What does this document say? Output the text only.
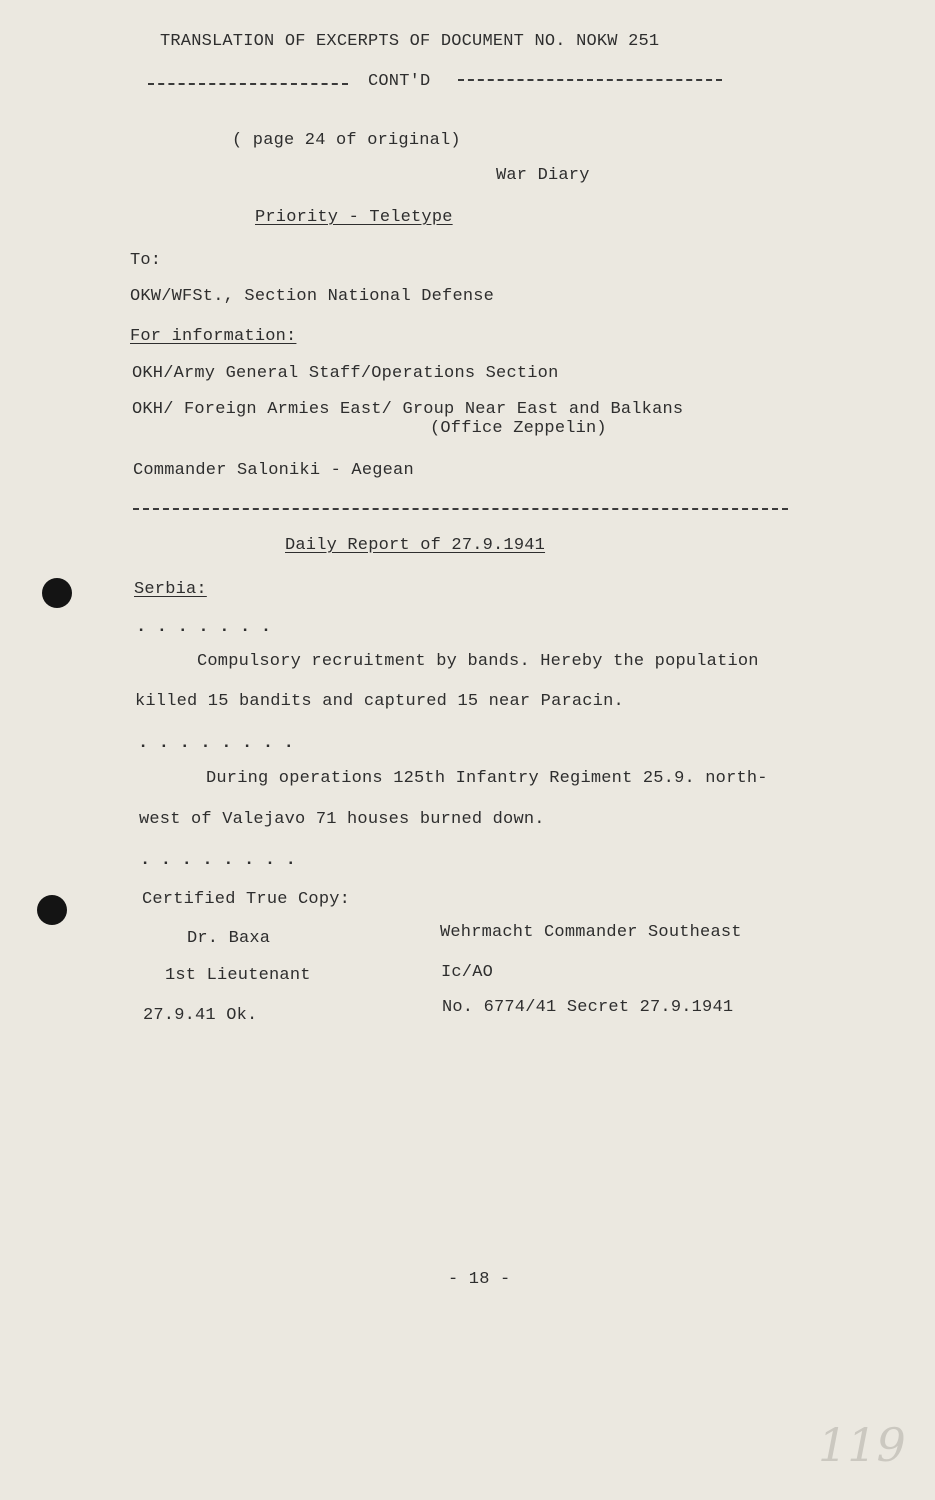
TRANSLATION OF EXCERPTS OF DOCUMENT NO. NOKW 251
CONT'D
( page 24 of original)
War Diary
Priority - Teletype
To:
OKW/WFSt., Section National Defense
For information:
OKH/Army General Staff/Operations Section
OKH/ Foreign Armies East/ Group Near East and Balkans
(Office Zeppelin)
Commander Saloniki - Aegean
Daily Report of 27.9.1941
Serbia:
. . . . . . .
Compulsory recruitment by bands. Hereby the population
killed 15 bandits and captured 15 near Paracin.
. . . . . . . .
During operations 125th Infantry Regiment 25.9. north-
west of Valejavo 71 houses burned down.
. . . . . . . .
Certified True Copy:
Dr. Baxa	Wehrmacht Commander Southeast
1st Lieutenant	Ic/AO
27.9.41 Ok.	No. 6774/41 Secret 27.9.1941
- 18 -
119
